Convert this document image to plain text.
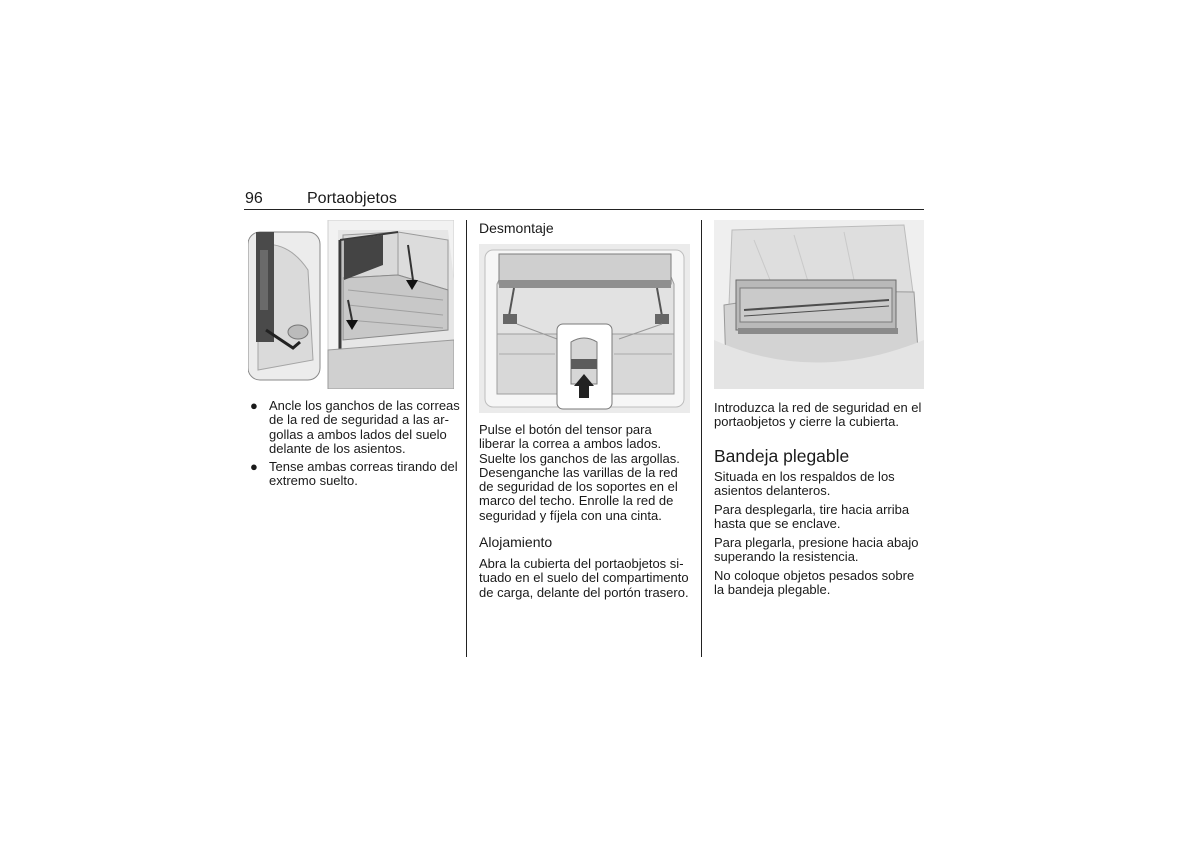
96	Portaobjetos
● Ancle los ganchos de las correas de la red de seguridad a las argollas a ambos lados del suelo delante de los asientos.
● Tense ambas correas tirando del extremo suelto.
Desmontaje

Pulse el botón del tensor para liberar la correa a ambos lados. Suelte los ganchos de las argollas. Desenganche las varillas de la red de seguridad de los soportes en el marco del techo. Enrolle la red de seguridad y fíjela con una cinta.

Alojamiento

Abra la cubierta del portaobjetos situado en el suelo del compartimento de carga, delante del portón trasero.

Introduzca la red de seguridad en el portaobjetos y cierre la cubierta.

Bandeja plegable

Situada en los respaldos de los asientos delanteros.

Para desplegarla, tire hacia arriba hasta que se enclave.

Para plegarla, presione hacia abajo superando la resistencia.

No coloque objetos pesados sobre la bandeja plegable.
